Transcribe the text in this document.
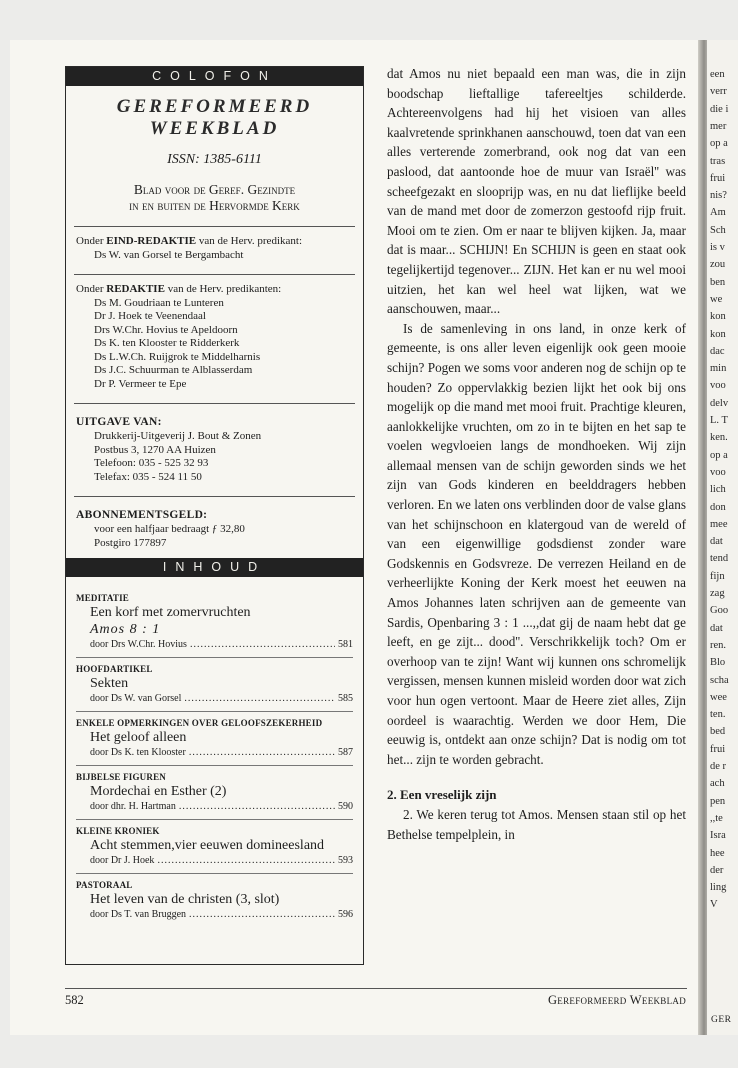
een
verr
die i
mer
op a
tras
frui
nis?
Am
Sch
is v
zou
ben
we
kon
kon
dac
min
voo
delv
L. T
ken.
op a
voo
lich
don
mee
dat
tend
fijn
zag
Goo
dat
ren.
Blo
scha
wee
ten.
bed
frui
de r
ach
pen
,,te
Isra
hee
der
ling
V
GER
COLOFON
GEREFORMEERD
WEEKBLAD
ISSN: 1385-6111
Blad voor de Geref. Gezindte
in en buiten de Hervormde Kerk
Onder EIND-REDAKTIE van de Herv. predikant:
Ds W. van Gorsel te Bergambacht
Onder REDAKTIE van de Herv. predikanten:
Ds M. Goudriaan te Lunteren
Dr J. Hoek te Veenendaal
Drs W.Chr. Hovius te Apeldoorn
Ds K. ten Klooster te Ridderkerk
Ds L.W.Ch. Ruijgrok te Middelharnis
Ds J.C. Schuurman te Alblasserdam
Dr P. Vermeer te Epe
UITGAVE VAN:
Drukkerij-Uitgeverij J. Bout & Zonen
Postbus 3, 1270 AA Huizen
Telefoon: 035 - 525 32 93
Telefax: 035 - 524 11 50
ABONNEMENTSGELD:
voor een halfjaar bedraagt ƒ 32,80
Postgiro 177897
INHOUD
MEDITATIE
Een korf met zomervruchten
Amos 8 : 1
door Drs W.Chr. Hovius .....	581
HOOFDARTIKEL
Sekten
door Ds W. van Gorsel .....	585
ENKELE OPMERKINGEN OVER GELOOFSZEKERHEID
Het geloof alleen
door Ds K. ten Klooster .....	587
BIJBELSE FIGUREN
Mordechai en Esther (2)
door dhr. H. Hartman .....	590
KLEINE KRONIEK
Acht stemmen,vier eeuwen domineesland
door Dr J. Hoek .....	593
PASTORAAL
Het leven van de christen (3, slot)
door Ds T. van Bruggen .....	596

dat Amos nu niet bepaald een man was, die in zijn boodschap lieftallige tafereeltjes schilderde. Achtereenvolgens had hij het visioen van alles kaalvretende sprinkhanen aanschouwd, toen dat van een alles verterende zomerbrand, ook nog dat van een paslood, dat aantoonde hoe de muur van Israël'' was scheefgezakt en slooprijp was, en nu dat lieflijke beeld van de mand met door de zomerzon gestoofd rijp fruit. Mooi om te zien. Om er naar te blijven kijken. Ja, maar dat is maar... SCHIJN! En SCHIJN is geen en staat ook tegelijkertijd tegenover... ZIJN. Het kan er nu wel mooi uitzien, het kan wel heel wat lijken, wat we aanschouwen, maar...

Is de samenleving in ons land, in onze kerk of gemeente, is ons aller leven eigenlijk ook geen mooie schijn? Pogen we soms voor anderen nog de schijn op te houden? Zo oppervlakkig bezien lijkt het ook bij ons mogelijk op die mand met mooi fruit. Prachtige kleuren, aanlokkelijke vruchten, om zo in te bijten en het sap te voelen wegvloeien langs de mondhoeken. Wij zijn allemaal mensen van de schijn geworden sinds we het zijn van Gods kinderen en beelddragers hebben verloren. En we laten ons verblinden door de valse glans van het schijnschoon en klatergoud van de wereld of van een eigenwillige godsdienst zonder ware Godskennis en Godsvreze. De verrezen Heiland en de verheerlijkte Koning der Kerk moest het eeuwen na Amos Johannes laten schrijven aan de gemeente van Sardis, Openbaring 3 : 1 ...,,dat gij de naam hebt dat ge leeft, en ge zijt... dood''. Verschrikkelijk toch? Om er overhoop van te zijn! Want wij kunnen ons schromelijk vergissen, mensen kunnen misleid worden door wat zich voor hun ogen vertoont. Maar de Heere ziet alles, Zijn oordeel is waarachtig. Werden we door Hem, Die eeuwig is, ontdekt aan onze schijn? Dat is nodig om tot het... zijn te worden gebracht.

2. Een vreselijk zijn

2. We keren terug tot Amos. Mensen staan stil op het Bethelse tempelplein, in

582	Gereformeerd Weekblad
